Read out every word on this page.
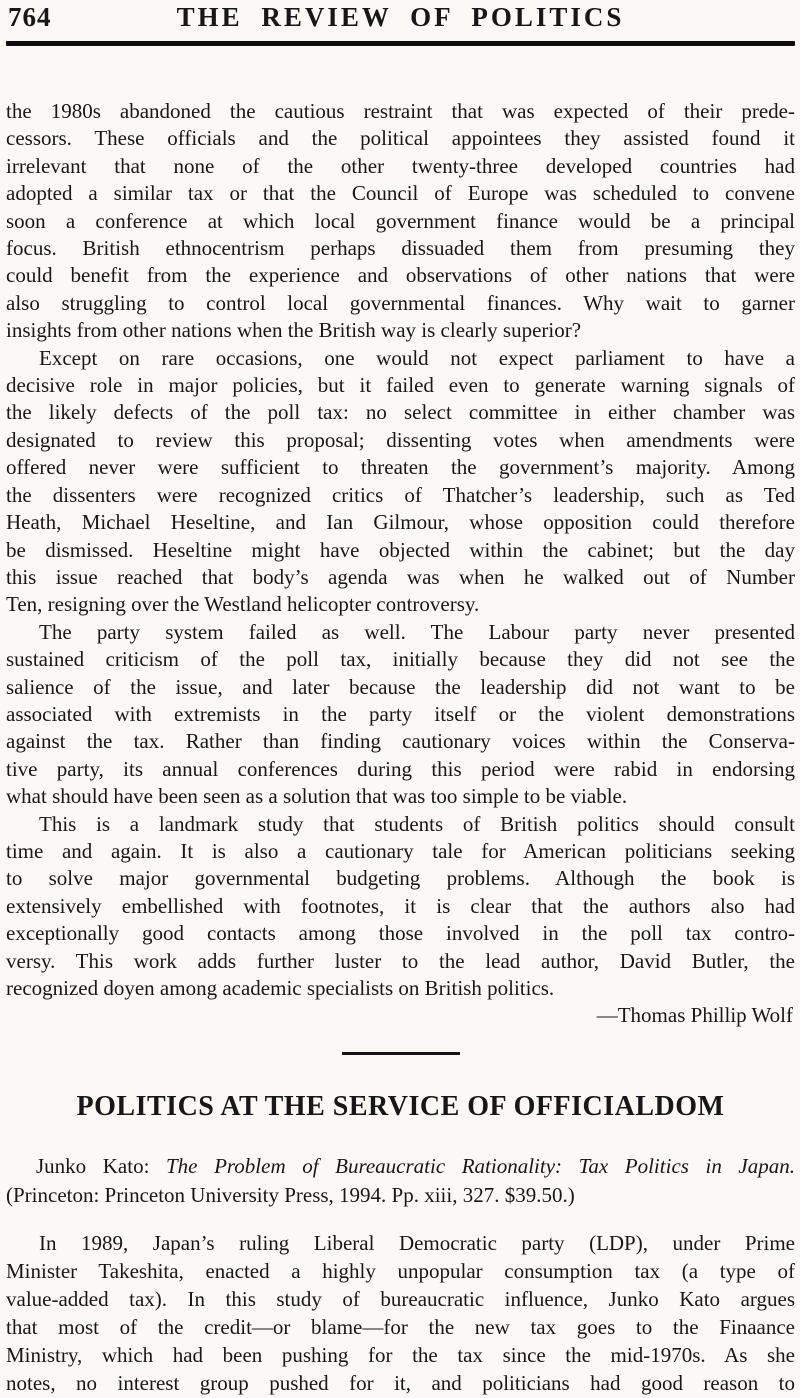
764	THE REVIEW OF POLITICS
the 1980s abandoned the cautious restraint that was expected of their prede-
cessors. These officials and the political appointees they assisted found it
irrelevant that none of the other twenty-three developed countries had
adopted a similar tax or that the Council of Europe was scheduled to convene
soon a conference at which local government finance would be a principal
focus. British ethnocentrism perhaps dissuaded them from presuming they
could benefit from the experience and observations of other nations that were
also struggling to control local governmental finances. Why wait to garner
insights from other nations when the British way is clearly superior?
Except on rare occasions, one would not expect parliament to have a
decisive role in major policies, but it failed even to generate warning signals of
the likely defects of the poll tax: no select committee in either chamber was
designated to review this proposal; dissenting votes when amendments were
offered never were sufficient to threaten the government’s majority. Among
the dissenters were recognized critics of Thatcher’s leadership, such as Ted
Heath, Michael Heseltine, and Ian Gilmour, whose opposition could therefore
be dismissed. Heseltine might have objected within the cabinet; but the day
this issue reached that body’s agenda was when he walked out of Number
Ten, resigning over the Westland helicopter controversy.
The party system failed as well. The Labour party never presented
sustained criticism of the poll tax, initially because they did not see the
salience of the issue, and later because the leadership did not want to be
associated with extremists in the party itself or the violent demonstrations
against the tax. Rather than finding cautionary voices within the Conserva-
tive party, its annual conferences during this period were rabid in endorsing
what should have been seen as a solution that was too simple to be viable.
This is a landmark study that students of British politics should consult
time and again. It is also a cautionary tale for American politicians seeking
to solve major governmental budgeting problems. Although the book is
extensively embellished with footnotes, it is clear that the authors also had
exceptionally good contacts among those involved in the poll tax contro-
versy. This work adds further luster to the lead author, David Butler, the
recognized doyen among academic specialists on British politics.
—Thomas Phillip Wolf
POLITICS AT THE SERVICE OF OFFICIALDOM
Junko Kato: The Problem of Bureaucratic Rationality: Tax Politics in Japan.
(Princeton: Princeton University Press, 1994. Pp. xiii, 327. $39.50.)
In 1989, Japan’s ruling Liberal Democratic party (LDP), under Prime
Minister Takeshita, enacted a highly unpopular consumption tax (a type of
value-added tax). In this study of bureaucratic influence, Junko Kato argues
that most of the credit—or blame—for the new tax goes to the Finaance
Ministry, which had been pushing for the tax since the mid-1970s. As she
notes, no interest group pushed for it, and politicians had good reason to
